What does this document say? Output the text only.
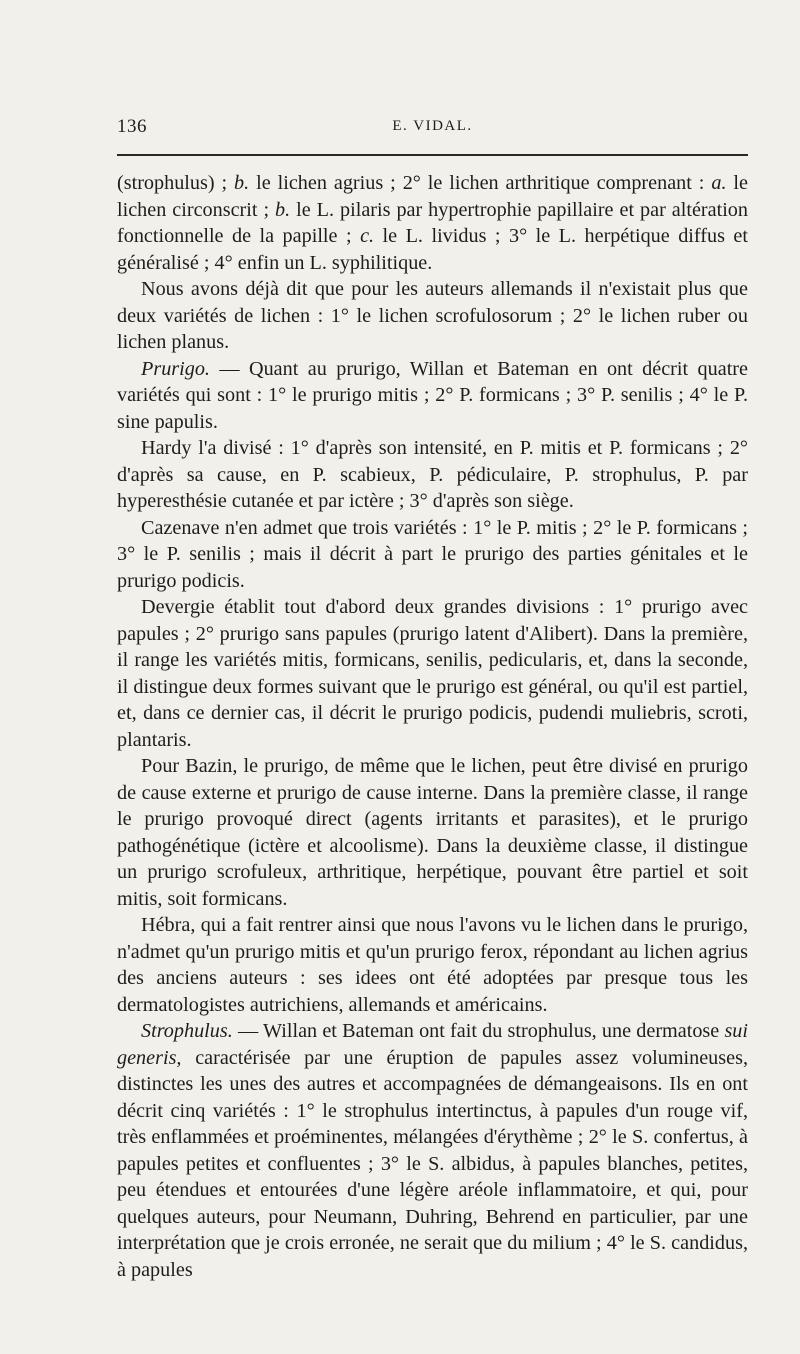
136	E. VIDAL.

(strophulus) ; b. le lichen agrius ; 2° le lichen arthritique comprenant : a. le lichen circonscrit ; b. le L. pilaris par hypertrophie papillaire et par altération fonctionnelle de la papille ; c. le L. lividus ; 3° le L. herpétique diffus et généralisé ; 4° enfin un L. syphilitique.

Nous avons déjà dit que pour les auteurs allemands il n'existait plus que deux variétés de lichen : 1° le lichen scrofulosorum ; 2° le lichen ruber ou lichen planus.

Prurigo. — Quant au prurigo, Willan et Bateman en ont décrit quatre variétés qui sont : 1° le prurigo mitis ; 2° P. formicans ; 3° P. senilis ; 4° le P. sine papulis.

Hardy l'a divisé : 1° d'après son intensité, en P. mitis et P. formicans ; 2° d'après sa cause, en P. scabieux, P. pédiculaire, P. strophulus, P. par hyperesthésie cutanée et par ictère ; 3° d'après son siège.

Cazenave n'en admet que trois variétés : 1° le P. mitis ; 2° le P. formicans ; 3° le P. senilis ; mais il décrit à part le prurigo des parties génitales et le prurigo podicis.

Devergie établit tout d'abord deux grandes divisions : 1° prurigo avec papules ; 2° prurigo sans papules (prurigo latent d'Alibert). Dans la première, il range les variétés mitis, formicans, senilis, pedicularis, et, dans la seconde, il distingue deux formes suivant que le prurigo est général, ou qu'il est partiel, et, dans ce dernier cas, il décrit le prurigo podicis, pudendi muliebris, scroti, plantaris.

Pour Bazin, le prurigo, de même que le lichen, peut être divisé en prurigo de cause externe et prurigo de cause interne. Dans la première classe, il range le prurigo provoqué direct (agents irritants et parasites), et le prurigo pathogénétique (ictère et alcoolisme). Dans la deuxième classe, il distingue un prurigo scrofuleux, arthritique, herpétique, pouvant être partiel et soit mitis, soit formicans.

Hébra, qui a fait rentrer ainsi que nous l'avons vu le lichen dans le prurigo, n'admet qu'un prurigo mitis et qu'un prurigo ferox, répondant au lichen agrius des anciens auteurs : ses idees ont été adoptées par presque tous les dermatologistes autrichiens, allemands et américains.

Strophulus. — Willan et Bateman ont fait du strophulus, une dermatose sui generis, caractérisée par une éruption de papules assez volumineuses, distinctes les unes des autres et accompagnées de démangeaisons. Ils en ont décrit cinq variétés : 1° le strophulus intertinctus, à papules d'un rouge vif, très enflammées et proéminentes, mélangées d'érythème ; 2° le S. confertus, à papules petites et confluentes ; 3° le S. albidus, à papules blanches, petites, peu étendues et entourées d'une légère aréole inflammatoire, et qui, pour quelques auteurs, pour Neumann, Duhring, Behrend en particulier, par une interprétation que je crois erronée, ne serait que du milium ; 4° le S. candidus, à papules
